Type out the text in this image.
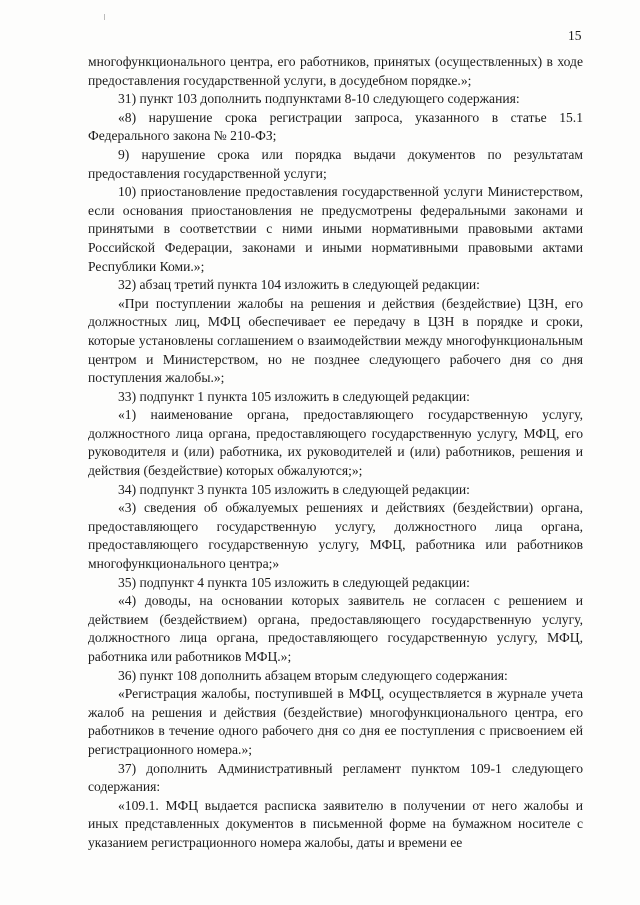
15

многофункционального центра, его работников, принятых (осуществленных) в ходе предоставления государственной услуги, в досудебном порядке.»;

31) пункт 103 дополнить подпунктами 8-10 следующего содержания:

«8) нарушение срока регистрации запроса, указанного в статье 15.1 Федерального закона № 210-ФЗ;

9) нарушение срока или порядка выдачи документов по результатам предоставления государственной услуги;

10) приостановление предоставления государственной услуги Министерством, если основания приостановления не предусмотрены федеральными законами и принятыми в соответствии с ними иными нормативными правовыми актами Российской Федерации, законами и иными нормативными правовыми актами Республики Коми.»;

32) абзац третий пункта 104 изложить в следующей редакции:

«При поступлении жалобы на решения и действия (бездействие) ЦЗН, его должностных лиц, МФЦ обеспечивает ее передачу в ЦЗН в порядке и сроки, которые установлены соглашением о взаимодействии между многофункциональным центром и Министерством, но не позднее следующего рабочего дня со дня поступления жалобы.»;

33) подпункт 1 пункта 105 изложить в следующей редакции:

«1) наименование органа, предоставляющего государственную услугу, должностного лица органа, предоставляющего государственную услугу, МФЦ, его руководителя и (или) работника, их руководителей и (или) работников, решения и действия (бездействие) которых обжалуются;»;

34) подпункт 3 пункта 105 изложить в следующей редакции:

«3) сведения об обжалуемых решениях и действиях (бездействии) органа, предоставляющего государственную услугу, должностного лица органа, предоставляющего государственную услугу, МФЦ, работника или работников многофункционального центра;»

35) подпункт 4 пункта 105 изложить в следующей редакции:

«4) доводы, на основании которых заявитель не согласен с решением и действием (бездействием) органа, предоставляющего государственную услугу, должностного лица органа, предоставляющего государственную услугу, МФЦ, работника или работников МФЦ.»;

36) пункт 108 дополнить абзацем вторым следующего содержания:

«Регистрация жалобы, поступившей в МФЦ, осуществляется в журнале учета жалоб на решения и действия (бездействие) многофункционального центра, его работников в течение одного рабочего дня со дня ее поступления с присвоением ей регистрационного номера.»;

37) дополнить Административный регламент пунктом 109-1 следующего содержания:

«109.1. МФЦ выдается расписка заявителю в получении от него жалобы и иных представленных документов в письменной форме на бумажном носителе с указанием регистрационного номера жалобы, даты и времени ее
